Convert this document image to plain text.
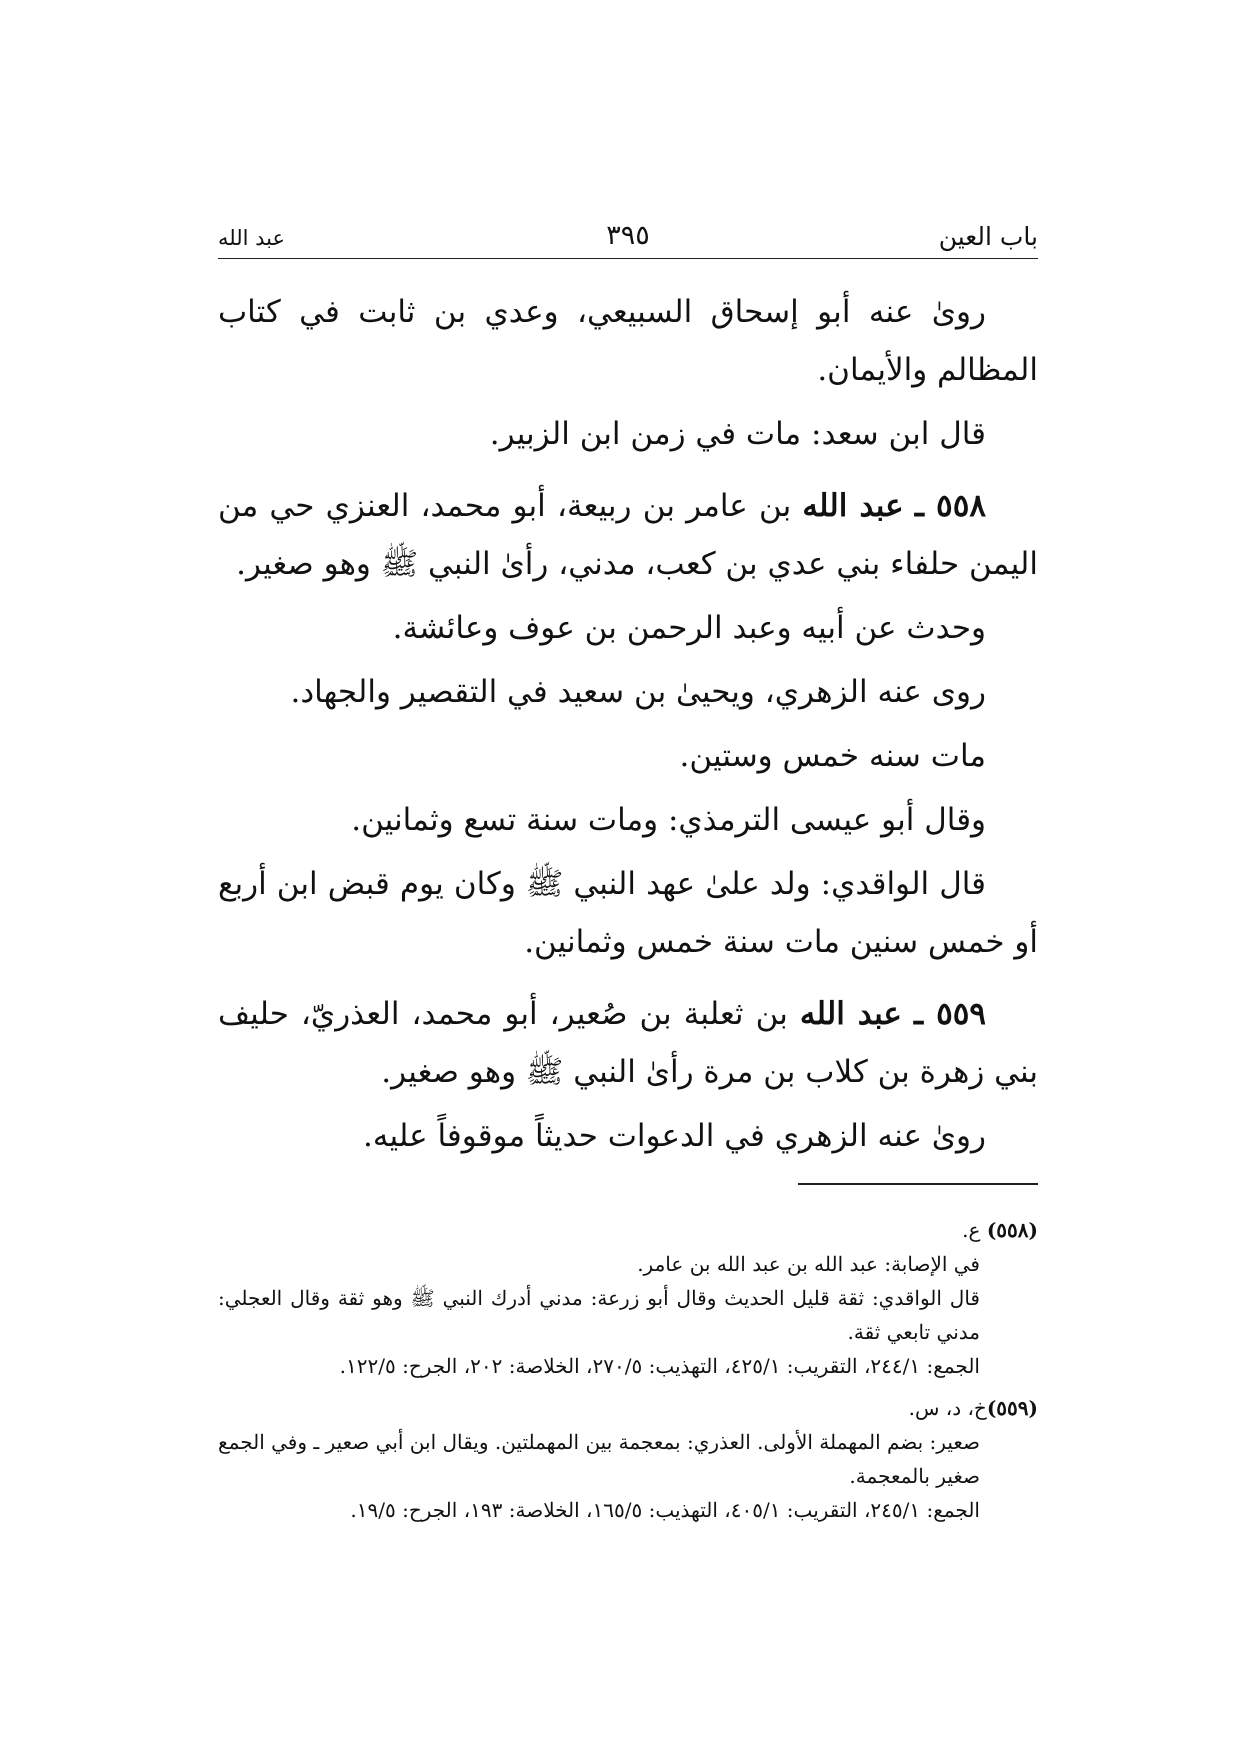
باب العين
٣٩٥
عبد الله

روىٰ عنه أبو إسحاق السبيعي، وعدي بن ثابت في كتاب المظالم والأيمان.

قال ابن سعد: مات في زمن ابن الزبير.

٥٥٨ ـ عبد الله بن عامر بن ربيعة، أبو محمد، العنزي حي من اليمن حلفاء بني عدي بن كعب، مدني، رأىٰ النبي ﷺ وهو صغير.

وحدث عن أبيه وعبد الرحمن بن عوف وعائشة.

روى عنه الزهري، ويحيىٰ بن سعيد في التقصير والجهاد.

مات سنه خمس وستين.

وقال أبو عيسى الترمذي: ومات سنة تسع وثمانين.

قال الواقدي: ولد علىٰ عهد النبي ﷺ وكان يوم قبض ابن أربع أو خمس سنين مات سنة خمس وثمانين.

٥٥٩ ـ عبد الله بن ثعلبة بن صُعير، أبو محمد، العذريّ، حليف بني زهرة بن كلاب بن مرة رأىٰ النبي ﷺ وهو صغير.

روىٰ عنه الزهري في الدعوات حديثاً موقوفاً عليه.

(٥٥٨) ع.

في الإصابة: عبد الله بن عبد الله بن عامر.

قال الواقدي: ثقة قليل الحديث وقال أبو زرعة: مدني أدرك النبي ﷺ وهو ثقة وقال العجلي: مدني تابعي ثقة.

الجمع: ٢٤٤/١، التقريب: ٤٢٥/١، التهذيب: ٢٧٠/٥، الخلاصة: ٢٠٢، الجرح: ١٢٢/٥.

(٥٥٩)خ، د، س.

صعير: بضم المهملة الأولى. العذري: بمعجمة بين المهملتين. ويقال ابن أبي صعير ـ وفي الجمع صغير بالمعجمة.

الجمع: ٢٤٥/١، التقريب: ٤٠٥/١، التهذيب: ١٦٥/٥، الخلاصة: ١٩٣، الجرح: ١٩/٥.
